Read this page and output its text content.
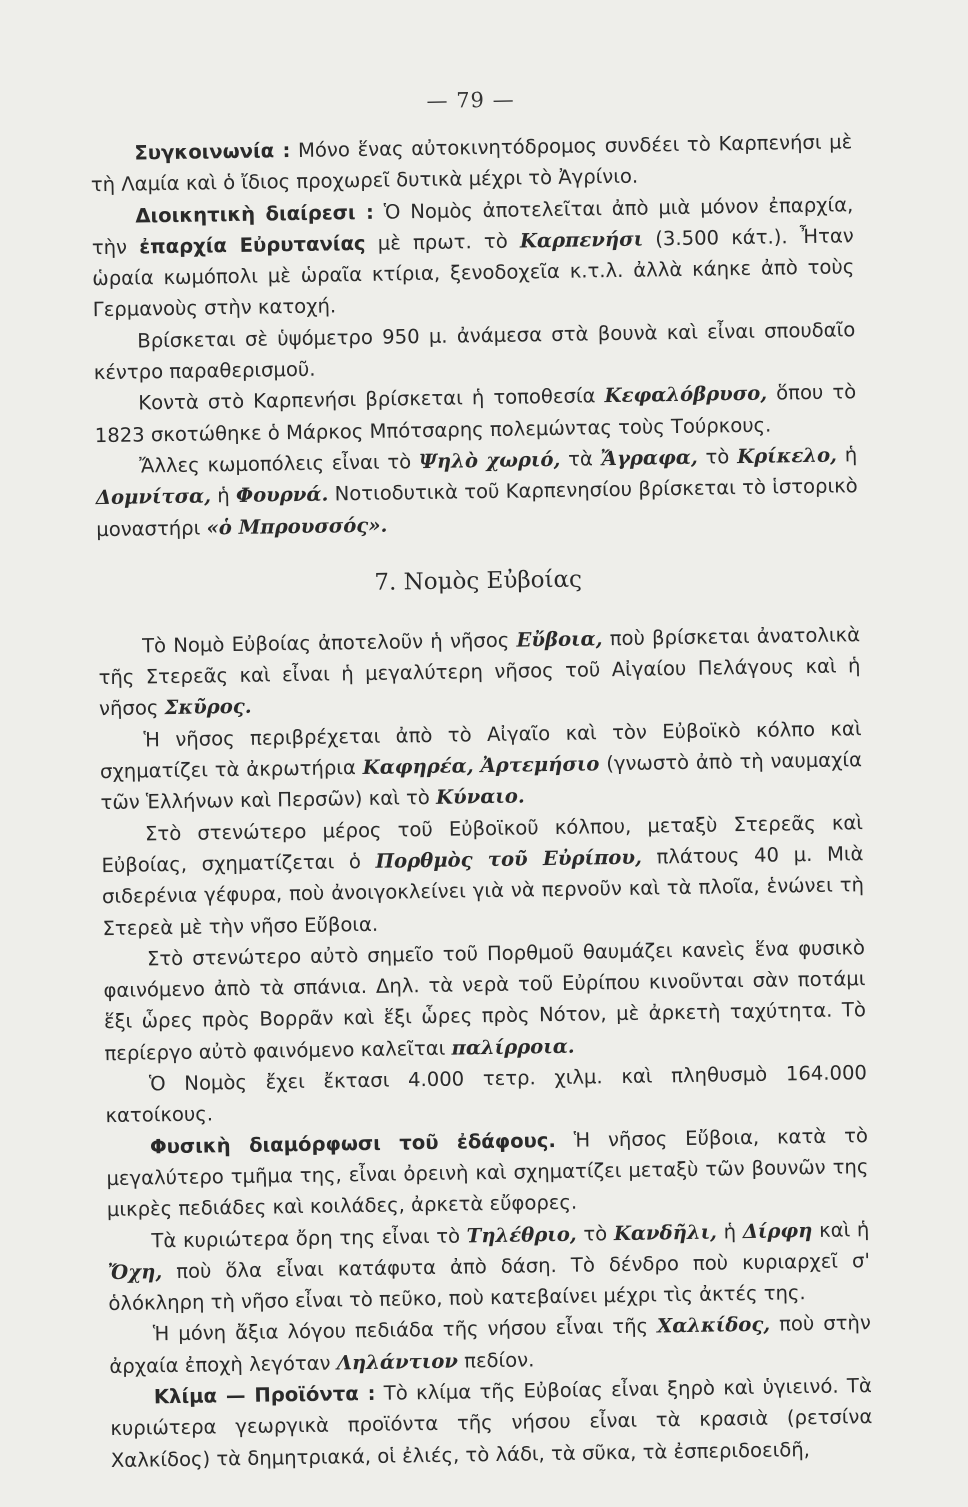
— 79 —

Συγκοινωνία : Μόνο ἕνας αὐτοκινητόδρομος συνδέει τὸ Καρπενήσι μὲ τὴ Λαμία καὶ ὁ ἴδιος προχωρεῖ δυτικὰ μέχρι τὸ Ἀγρίνιο.

Διοικητικὴ διαίρεσι : Ὁ Νομὸς ἀποτελεῖται ἀπὸ μιὰ μόνον ἐπαρχία, τὴν ἐπαρχία Εὐρυτανίας μὲ πρωτ. τὸ Καρπενήσι (3.500 κάτ.). Ἦταν ὡραία κωμόπολι μὲ ὡραῖα κτίρια, ξενοδοχεῖα κ.τ.λ. ἀλλὰ κάηκε ἀπὸ τοὺς Γερμανοὺς στὴν κατοχή.

Βρίσκεται σὲ ὑψόμετρο 950 μ. ἀνάμεσα στὰ βουνὰ καὶ εἶναι σπουδαῖο κέντρο παραθερισμοῦ.

Κοντὰ στὸ Καρπενήσι βρίσκεται ἡ τοποθεσία Κεφαλόβρυσο, ὅπου τὸ 1823 σκοτώθηκε ὁ Μάρκος Μπότσαρης πολεμώντας τοὺς Τούρκους.

Ἄλλες κωμοπόλεις εἶναι τὸ Ψηλὸ χωριό, τὰ Ἄγραφα, τὸ Κρίκελο, ἡ Δομνίτσα, ἡ Φουρνά. Νοτιοδυτικὰ τοῦ Καρπενησίου βρίσκεται τὸ ἱστορικὸ μοναστήρι «ὁ Μπρουσσός».

7. Νομὸς Εὐβοίας

Τὸ Νομὸ Εὐβοίας ἀποτελοῦν ἡ νῆσος Εὔβοια, ποὺ βρίσκεται ἀνατολικὰ τῆς Στερεᾶς καὶ εἶναι ἡ μεγαλύτερη νῆσος τοῦ Αἰγαίου Πελάγους καὶ ἡ νῆσος Σκῦρος.

Ἡ νῆσος περιβρέχεται ἀπὸ τὸ Αἰγαῖο καὶ τὸν Εὐβοϊκὸ κόλπο καὶ σχηματίζει τὰ ἀκρωτήρια Καφηρέα, Ἀρτεμήσιο (γνωστὸ ἀπὸ τὴ ναυμαχία τῶν Ἑλλήνων καὶ Περσῶν) καὶ τὸ Κύναιο.

Στὸ στενώτερο μέρος τοῦ Εὐβοϊκοῦ κόλπου, μεταξὺ Στερεᾶς καὶ Εὐβοίας, σχηματίζεται ὁ Πορθμὸς τοῦ Εὐρίπου, πλάτους 40 μ. Μιὰ σιδερένια γέφυρα, ποὺ ἀνοιγοκλείνει γιὰ νὰ περνοῦν καὶ τὰ πλοῖα, ἑνώνει τὴ Στερεὰ μὲ τὴν νῆσο Εὔβοια.

Στὸ στενώτερο αὐτὸ σημεῖο τοῦ Πορθμοῦ θαυμάζει κανεὶς ἕνα φυσικὸ φαινόμενο ἀπὸ τὰ σπάνια. Δηλ. τὰ νερὰ τοῦ Εὐρίπου κινοῦνται σὰν ποτάμι ἕξι ὧρες πρὸς Βορρᾶν καὶ ἕξι ὧρες πρὸς Νότον, μὲ ἀρκετὴ ταχύτητα. Τὸ περίεργο αὐτὸ φαινόμενο καλεῖται παλίρροια.

Ὁ Νομὸς ἔχει ἔκτασι 4.000 τετρ. χιλμ. καὶ πληθυσμὸ 164.000 κατοίκους.

Φυσικὴ διαμόρφωσι τοῦ ἐδάφους. Ἡ νῆσος Εὔβοια, κατὰ τὸ μεγαλύτερο τμῆμα της, εἶναι ὀρεινὴ καὶ σχηματίζει μεταξὺ τῶν βουνῶν της μικρὲς πεδιάδες καὶ κοιλάδες, ἀρκετὰ εὔφορες.

Τὰ κυριώτερα ὄρη της εἶναι τὸ Τηλέθριο, τὸ Κανδῆλι, ἡ Δίρφη καὶ ἡ Ὄχη, ποὺ ὅλα εἶναι κατάφυτα ἀπὸ δάση. Τὸ δένδρο ποὺ κυριαρχεῖ σ' ὁλόκληρη τὴ νῆσο εἶναι τὸ πεῦκο, ποὺ κατεβαίνει μέχρι τὶς ἀκτές της.

Ἡ μόνη ἄξια λόγου πεδιάδα τῆς νήσου εἶναι τῆς Χαλκίδος, ποὺ στὴν ἀρχαία ἐποχὴ λεγόταν Ληλάντιον πεδίον.

Κλίμα — Προϊόντα : Τὸ κλίμα τῆς Εὐβοίας εἶναι ξηρὸ καὶ ὑγιεινό. Τὰ κυριώτερα γεωργικὰ προϊόντα τῆς νήσου εἶναι τὰ κρασιὰ (ρετσίνα Χαλκίδος) τὰ δημητριακά, οἱ ἐλιές, τὸ λάδι, τὰ σῦκα, τὰ ἐσπεριδοειδῆ,
